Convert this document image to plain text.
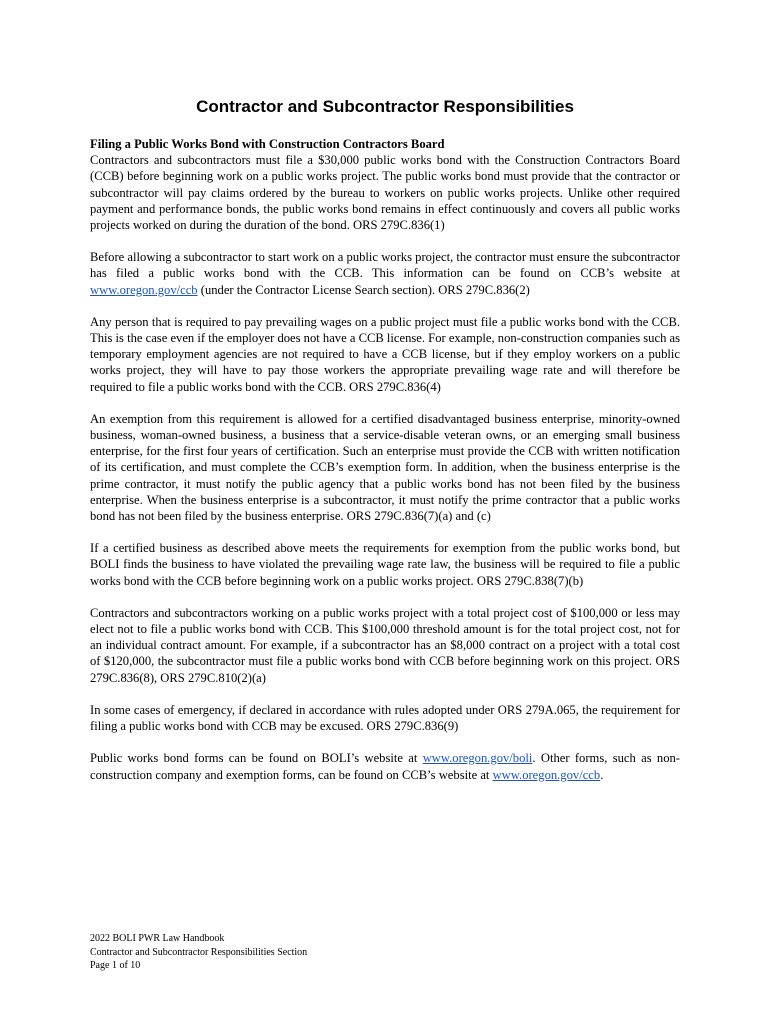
Contractor and Subcontractor Responsibilities

Filing a Public Works Bond with Construction Contractors Board

Contractors and subcontractors must file a $30,000 public works bond with the Construction Contractors Board (CCB) before beginning work on a public works project. The public works bond must provide that the contractor or subcontractor will pay claims ordered by the bureau to workers on public works projects. Unlike other required payment and performance bonds, the public works bond remains in effect continuously and covers all public works projects worked on during the duration of the bond. ORS 279C.836(1)

Before allowing a subcontractor to start work on a public works project, the contractor must ensure the subcontractor has filed a public works bond with the CCB. This information can be found on CCB’s website at www.oregon.gov/ccb (under the Contractor License Search section). ORS 279C.836(2)

Any person that is required to pay prevailing wages on a public project must file a public works bond with the CCB. This is the case even if the employer does not have a CCB license. For example, non-construction companies such as temporary employment agencies are not required to have a CCB license, but if they employ workers on a public works project, they will have to pay those workers the appropriate prevailing wage rate and will therefore be required to file a public works bond with the CCB. ORS 279C.836(4)

An exemption from this requirement is allowed for a certified disadvantaged business enterprise, minority-owned business, woman-owned business, a business that a service-disable veteran owns, or an emerging small business enterprise, for the first four years of certification. Such an enterprise must provide the CCB with written notification of its certification, and must complete the CCB’s exemption form. In addition, when the business enterprise is the prime contractor, it must notify the public agency that a public works bond has not been filed by the business enterprise. When the business enterprise is a subcontractor, it must notify the prime contractor that a public works bond has not been filed by the business enterprise. ORS 279C.836(7)(a) and (c)

If a certified business as described above meets the requirements for exemption from the public works bond, but BOLI finds the business to have violated the prevailing wage rate law, the business will be required to file a public works bond with the CCB before beginning work on a public works project. ORS 279C.838(7)(b)

Contractors and subcontractors working on a public works project with a total project cost of $100,000 or less may elect not to file a public works bond with CCB. This $100,000 threshold amount is for the total project cost, not for an individual contract amount. For example, if a subcontractor has an $8,000 contract on a project with a total cost of $120,000, the subcontractor must file a public works bond with CCB before beginning work on this project. ORS 279C.836(8), ORS 279C.810(2)(a)

In some cases of emergency, if declared in accordance with rules adopted under ORS 279A.065, the requirement for filing a public works bond with CCB may be excused. ORS 279C.836(9)

Public works bond forms can be found on BOLI’s website at www.oregon.gov/boli. Other forms, such as non-construction company and exemption forms, can be found on CCB’s website at www.oregon.gov/ccb.

2022 BOLI PWR Law Handbook
Contractor and Subcontractor Responsibilities Section
Page 1 of 10
